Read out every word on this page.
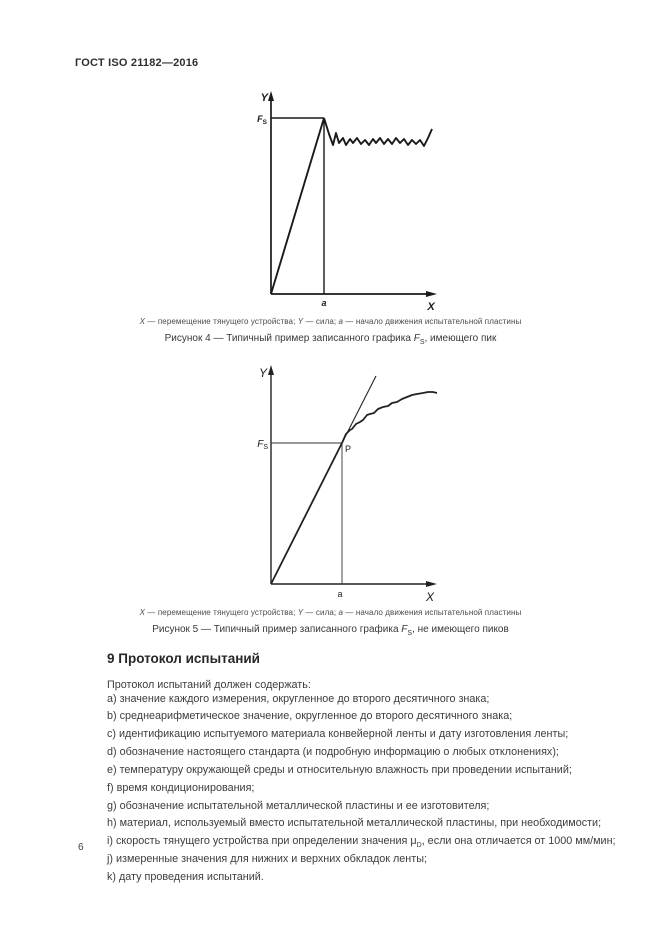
ГОСТ ISO 21182—2016
Y
X
$F_S$
a
X — перемещение тянущего устройства; Y — сила; a — начало движения испытательной пластины
Рисунок 4 — Типичный пример записанного графика $F_S$, имеющего пик
Y
X
$F_S$	P
a
X — перемещение тянущего устройства; Y — сила; a — начало движения испытательной пластины
Рисунок 5 — Типичный пример записанного графика $F_S$, не имеющего пиков
9 Протокол испытаний
Протокол испытаний должен содержать:
a) значение каждого измерения, округленное до второго десятичного знака;
b) среднеарифметическое значение, округленное до второго десятичного знака;
c) идентификацию испытуемого материала конвейерной ленты и дату изготовления ленты;
d) обозначение настоящего стандарта (и подробную информацию о любых отклонениях);
e) температуру окружающей среды и относительную влажность при проведении испытаний;
f) время кондиционирования;
g) обозначение испытательной металлической пластины и ее изготовителя;
h) материал, используемый вместо испытательной металлической пластины, при необходимости;
i) скорость тянущего устройства при определении значения $\mu_D$, если она отличается от 1000 мм/мин;
j) измеренные значения для нижних и верхних обкладок ленты;
k) дату проведения испытаний.
6
